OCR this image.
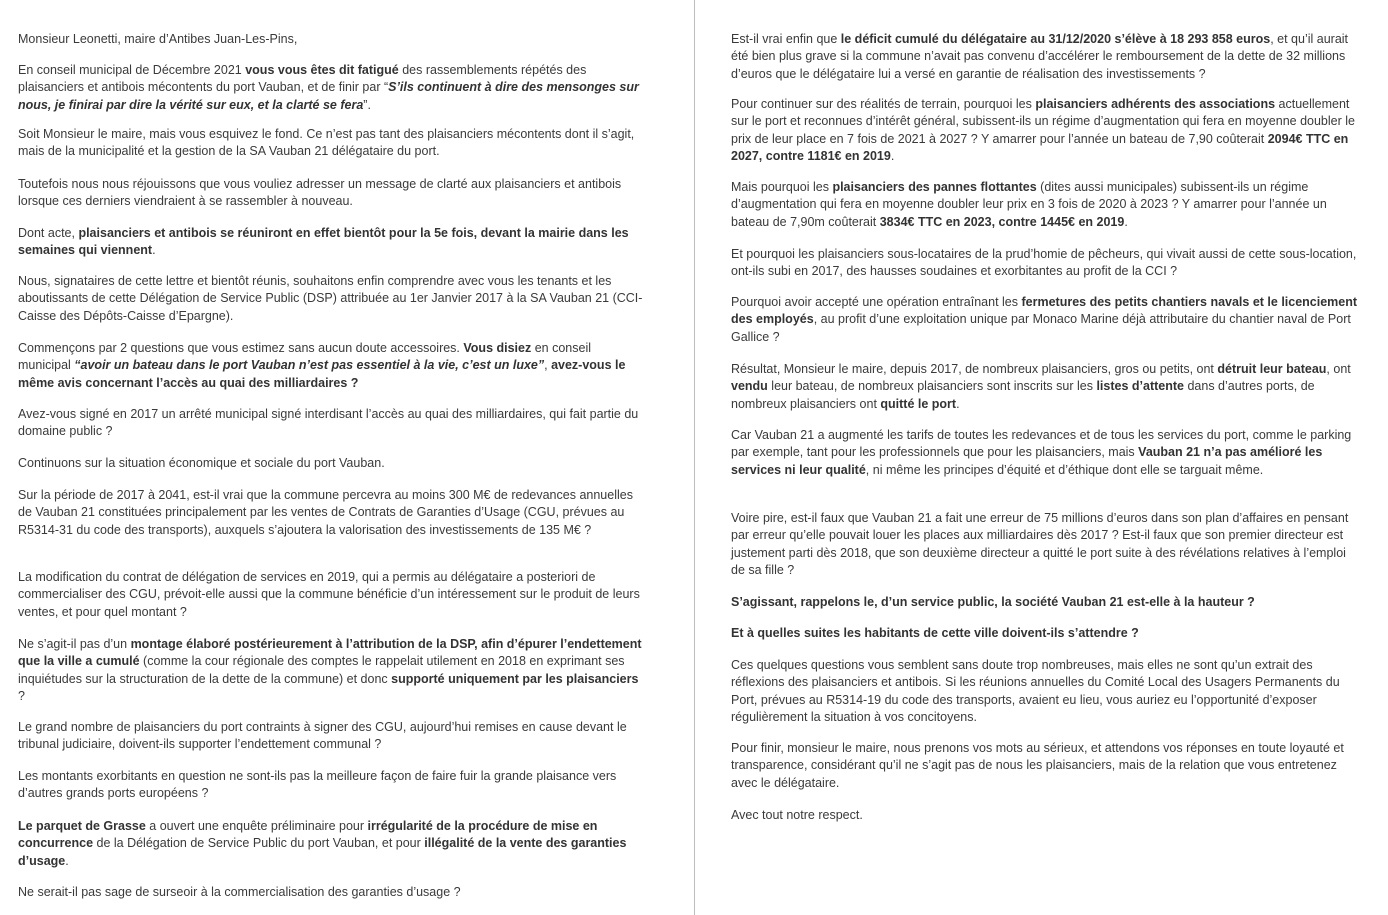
Monsieur Leonetti, maire d’Antibes Juan-Les-Pins,

En conseil municipal de Décembre 2021 vous vous êtes dit fatigué des rassemblements répétés des plaisanciers et antibois mécontents du port Vauban, et de finir par “S’ils continuent à dire des mensonges sur nous, je finirai par dire la vérité sur eux, et la clarté se fera”.

Soit Monsieur le maire, mais vous esquivez le fond. Ce n’est pas tant des plaisanciers mécontents dont il s’agit, mais de la municipalité et la gestion de la SA Vauban 21 délégataire du port.

Toutefois nous nous réjouissons que vous vouliez adresser un message de clarté aux plaisanciers et antibois lorsque ces derniers viendraient à se rassembler à nouveau.

Dont acte, plaisanciers et antibois se réuniront en effet bientôt pour la 5e fois, devant la mairie dans les semaines qui viennent.

Nous, signataires de cette lettre et bientôt réunis, souhaitons enfin comprendre avec vous les tenants et les aboutissants de cette Délégation de Service Public (DSP) attribuée au 1er Janvier 2017 à la SA Vauban 21 (CCI-Caisse des Dépôts-Caisse d’Epargne).

Commençons par 2 questions que vous estimez sans aucun doute accessoires. Vous disiez en conseil municipal “avoir un bateau dans le port Vauban n’est pas essentiel à la vie, c’est un luxe”, avez-vous le même avis concernant l’accès au quai des milliardaires ?

Avez-vous signé en 2017 un arrêté municipal signé interdisant l’accès au quai des milliardaires, qui fait partie du domaine public ?

Continuons sur la situation économique et sociale du port Vauban.

Sur la période de 2017 à 2041, est-il vrai que la commune percevra au moins 300 M€ de redevances annuelles de Vauban 21 constituées principalement par les ventes de Contrats de Garanties d’Usage (CGU, prévues au R5314-31 du code des transports), auxquels s’ajoutera la valorisation des investissements de 135 M€ ?

La modification du contrat de délégation de services en 2019, qui a permis au délégataire a posteriori de commercialiser des CGU, prévoit-elle aussi que la commune bénéficie d’un intéressement sur le produit de leurs ventes, et pour quel montant ?

Ne s’agit-il pas d’un montage élaboré postérieurement à l’attribution de la DSP, afin d’épurer l’endettement que la ville a cumulé (comme la cour régionale des comptes le rappelait utilement en 2018 en exprimant ses inquiétudes sur la structuration de la dette de la commune) et donc supporté uniquement par les plaisanciers ?

Le grand nombre de plaisanciers du port contraints à signer des CGU, aujourd’hui remises en cause devant le tribunal judiciaire, doivent-ils supporter l’endettement communal ?

Les montants exorbitants en question ne sont-ils pas la meilleure façon de faire fuir la grande plaisance vers d’autres grands ports européens ?

Le parquet de Grasse a ouvert une enquête préliminaire pour irrégularité de la procédure de mise en concurrence de la Délégation de Service Public du port Vauban, et pour illégalité de la vente des garanties d’usage.

Ne serait-il pas sage de surseoir à la commercialisation des garanties d’usage ?

Est-il vrai enfin que le déficit cumulé du délégataire au 31/12/2020 s’élève à 18 293 858 euros, et qu’il aurait été bien plus grave si la commune n’avait pas convenu d’accélérer le remboursement de la dette de 32 millions d’euros que le délégataire lui a versé en garantie de réalisation des investissements ?

Pour continuer sur des réalités de terrain, pourquoi les plaisanciers adhérents des associations actuellement sur le port et reconnues d’intérêt général, subissent-ils un régime d’augmentation qui fera en moyenne doubler le prix de leur place en 7 fois de 2021 à 2027 ? Y amarrer pour l’année un bateau de 7,90 coûterait 2094€ TTC en 2027, contre 1181€ en 2019.

Mais pourquoi les plaisanciers des pannes flottantes (dites aussi municipales) subissent-ils un régime d’augmentation qui fera en moyenne doubler leur prix en 3 fois de 2020 à 2023 ? Y amarrer pour l’année un bateau de 7,90m coûterait 3834€ TTC en 2023, contre 1445€ en 2019.

Et pourquoi les plaisanciers sous-locataires de la prud’homie de pêcheurs, qui vivait aussi de cette sous-location, ont-ils subi en 2017, des hausses soudaines et exorbitantes au profit de la CCI ?

Pourquoi avoir accepté une opération entraînant les fermetures des petits chantiers navals et le licenciement des employés, au profit d’une exploitation unique par Monaco Marine déjà attributaire du chantier naval de Port Gallice ?

Résultat, Monsieur le maire, depuis 2017, de nombreux plaisanciers, gros ou petits, ont détruit leur bateau, ont vendu leur bateau, de nombreux plaisanciers sont inscrits sur les listes d’attente dans d’autres ports, de nombreux plaisanciers ont quitté le port.

Car Vauban 21 a augmenté les tarifs de toutes les redevances et de tous les services du port, comme le parking par exemple, tant pour les professionnels que pour les plaisanciers, mais Vauban 21 n’a pas amélioré les services ni leur qualité, ni même les principes d’équité et d’éthique dont elle se targuait même.

Voire pire, est-il faux que Vauban 21 a fait une erreur de 75 millions d’euros dans son plan d’affaires en pensant par erreur qu’elle pouvait louer les places aux milliardaires dès 2017 ? Est-il faux que son premier directeur est justement parti dès 2018, que son deuxième directeur a quitté le port suite à des révélations relatives à l’emploi de sa fille ?

S’agissant, rappelons le, d’un service public, la société Vauban 21 est-elle à la hauteur ?

Et à quelles suites les habitants de cette ville doivent-ils s’attendre ?

Ces quelques questions vous semblent sans doute trop nombreuses, mais elles ne sont qu’un extrait des réflexions des plaisanciers et antibois. Si les réunions annuelles du Comité Local des Usagers Permanents du Port, prévues au R5314-19 du code des transports, avaient eu lieu, vous auriez eu l’opportunité d’exposer régulièrement la situation à vos concitoyens.

Pour finir, monsieur le maire, nous prenons vos mots au sérieux, et attendons vos réponses en toute loyauté et transparence, considérant qu’il ne s’agit pas de nous les plaisanciers, mais de la relation que vous entretenez avec le délégataire.

Avec tout notre respect.
